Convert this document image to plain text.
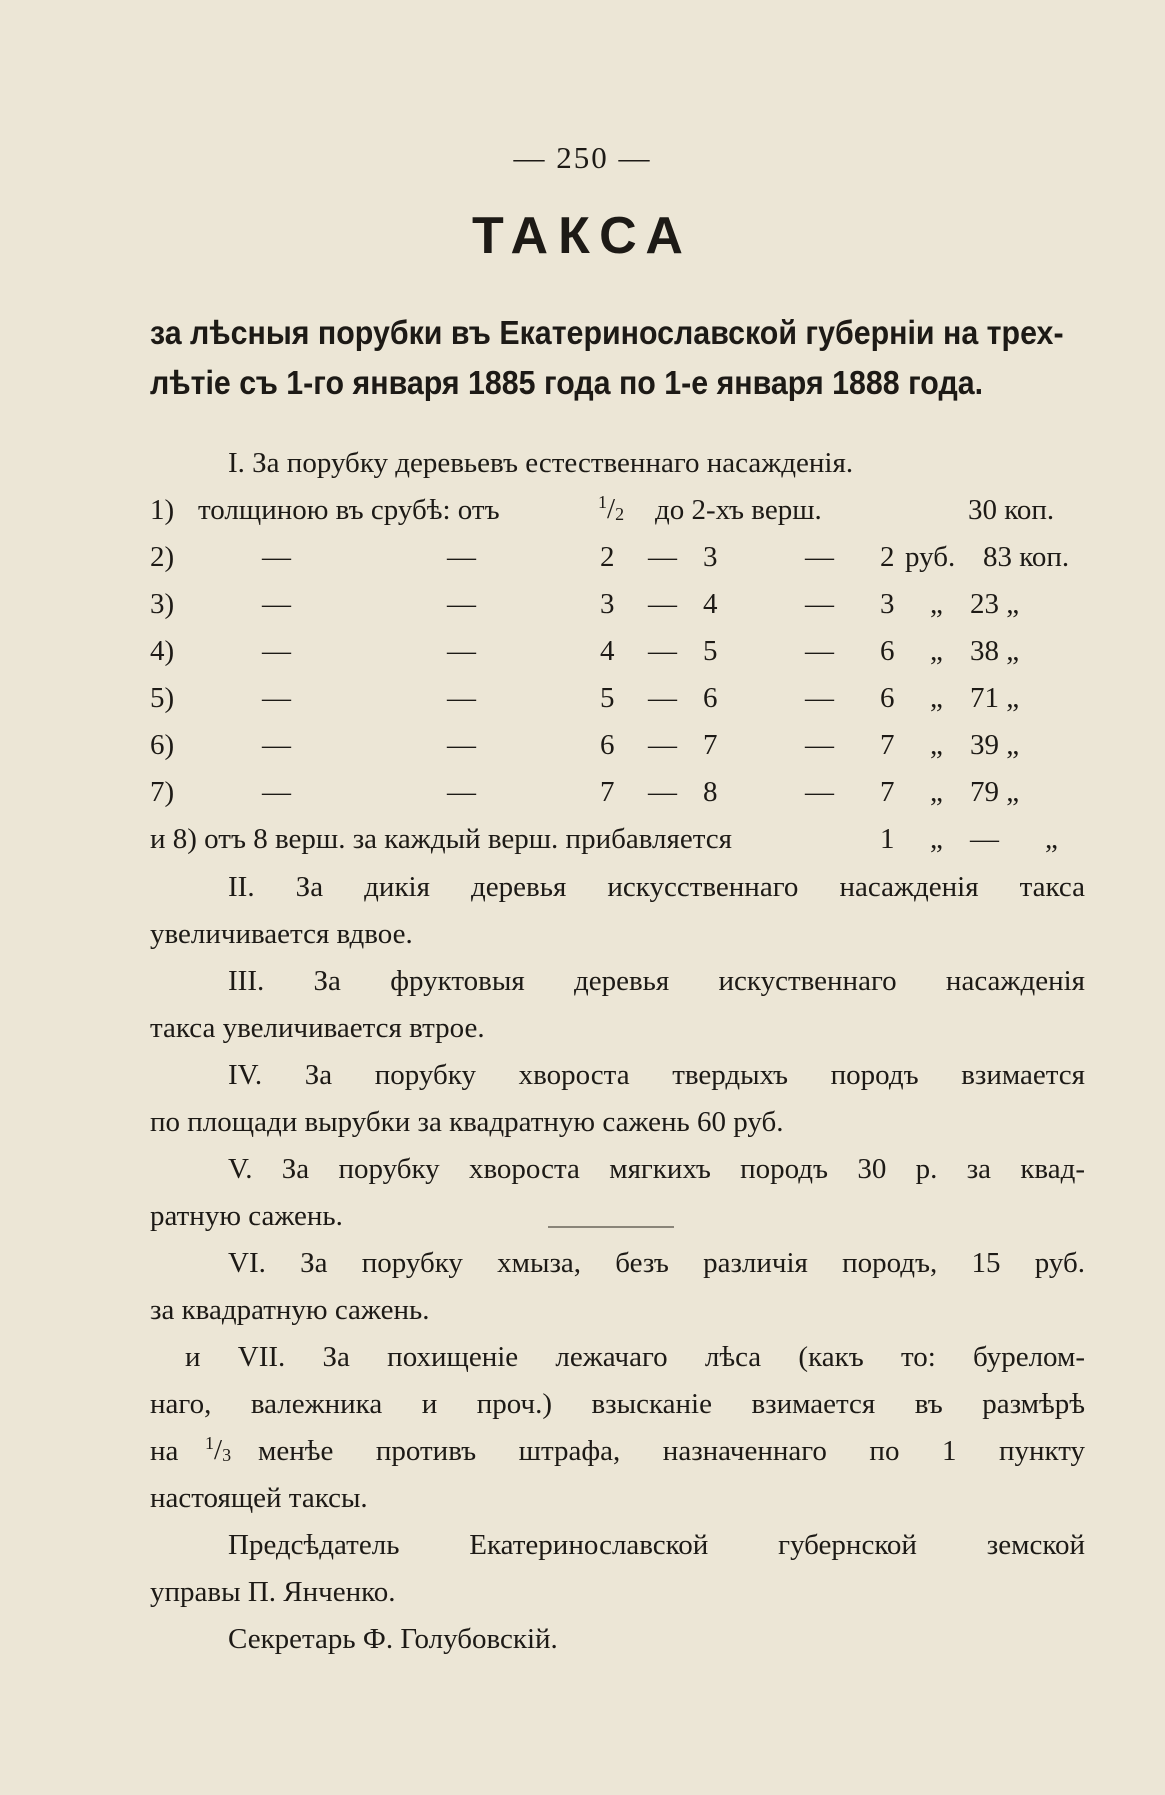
— 250 —
ТАКСА
за лѣсныя порубки въ Екатеринославской губерніи на трех-
лѣтіе съ 1-го января 1885 года по 1-е января 1888 года.
I. За порубку деревьевъ естественнаго насажденія.
1) толщиною въ срубѣ: отъ	$^1/_2$ до 2-хъ верш.	30 коп.
2)	—	—	2 — 3	— 2 руб. 83 коп.
3)	—	—	3 — 4	— 3 „ 23 „
4)	—	—	4 — 5	— 6 „ 38 „
5)	—	—	5 — 6	— 6 „ 71 „
6)	—	—	6 — 7	— 7 „ 39 „
7)	—	—	7 — 8	— 7 „ 79 „
и 8) отъ 8 верш. за каждый верш. прибавляется	1 „ — „
II. За дикія деревья искусственнаго насажденія такса
увеличивается вдвое.
III. За фруктовыя деревья искуственнаго насажденія
такса увеличивается втрое.
IV. За порубку хвороста твердыхъ породъ взимается
по площади вырубки за квадратную сажень 60 руб.
V. За порубку хвороста мягкихъ породъ 30 р. за квад-
ратную сажень.
VI. За порубку хмыза, безъ различія породъ, 15 руб.
за квадратную сажень.
и VII. За похищеніе лежачаго лѣса (какъ то: бурелом-
наго, валежника и проч.) взысканіе взимается въ размѣрѣ
на $^1/_3$ менѣе противъ штрафа, назначеннаго по 1 пункту
настоящей таксы.
Предсѣдатель Екатеринославской губернской земской
управы П. Янченко.
Секретарь Ф. Голубовскій.
